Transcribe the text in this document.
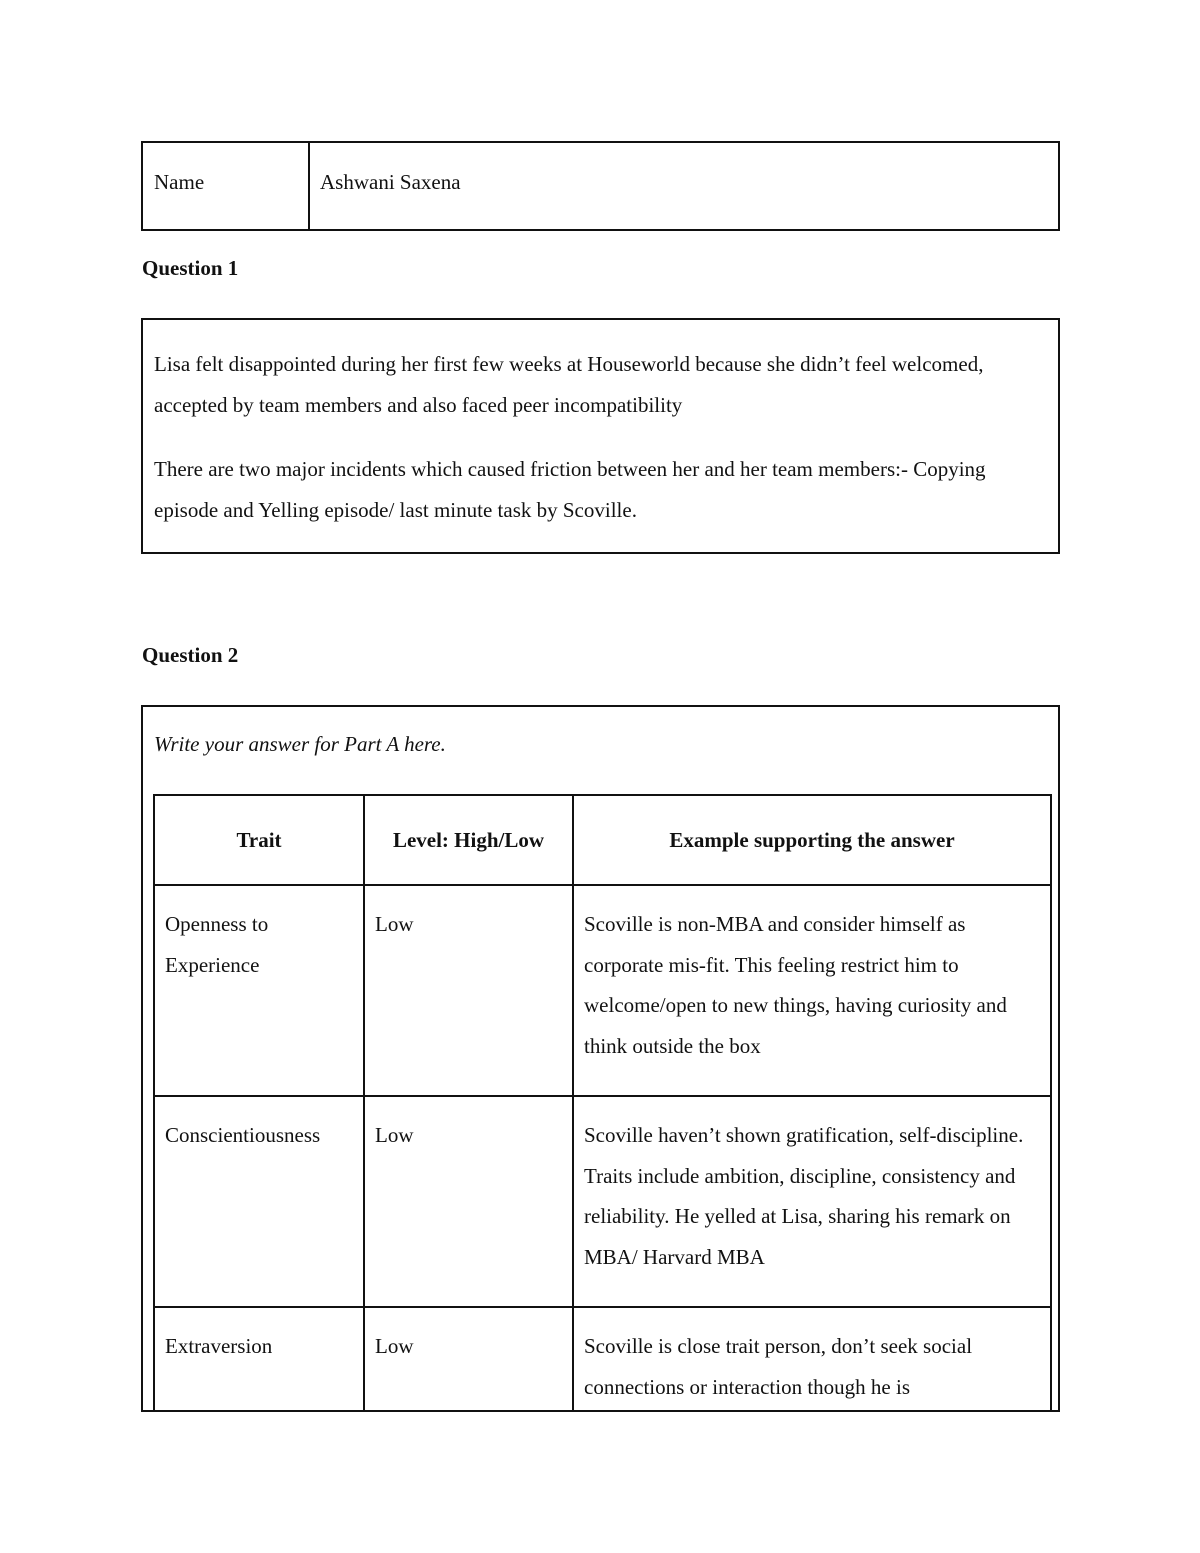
Name	Ashwani Saxena
Question 1

Lisa felt disappointed during her first few weeks at Houseworld because she didn’t feel welcomed, accepted by team members and also faced peer incompatibility

There are two major incidents which caused friction between her and her team members:- Copying episode and Yelling episode/ last minute task by Scoville.

Question 2

Write your answer for Part A here.

Trait	Level: High/Low	Example supporting the answer
Openness to Experience	Low	Scoville is non-MBA and consider himself as corporate mis-fit. This feeling restrict him to welcome/open to new things, having curiosity and think outside the box
Conscientiousness	Low	Scoville haven’t shown gratification, self-discipline. Traits include ambition, discipline, consistency and reliability. He yelled at Lisa, sharing his remark on MBA/ Harvard MBA
Extraversion	Low	Scoville is close trait person, don’t seek social connections or interaction though he is
